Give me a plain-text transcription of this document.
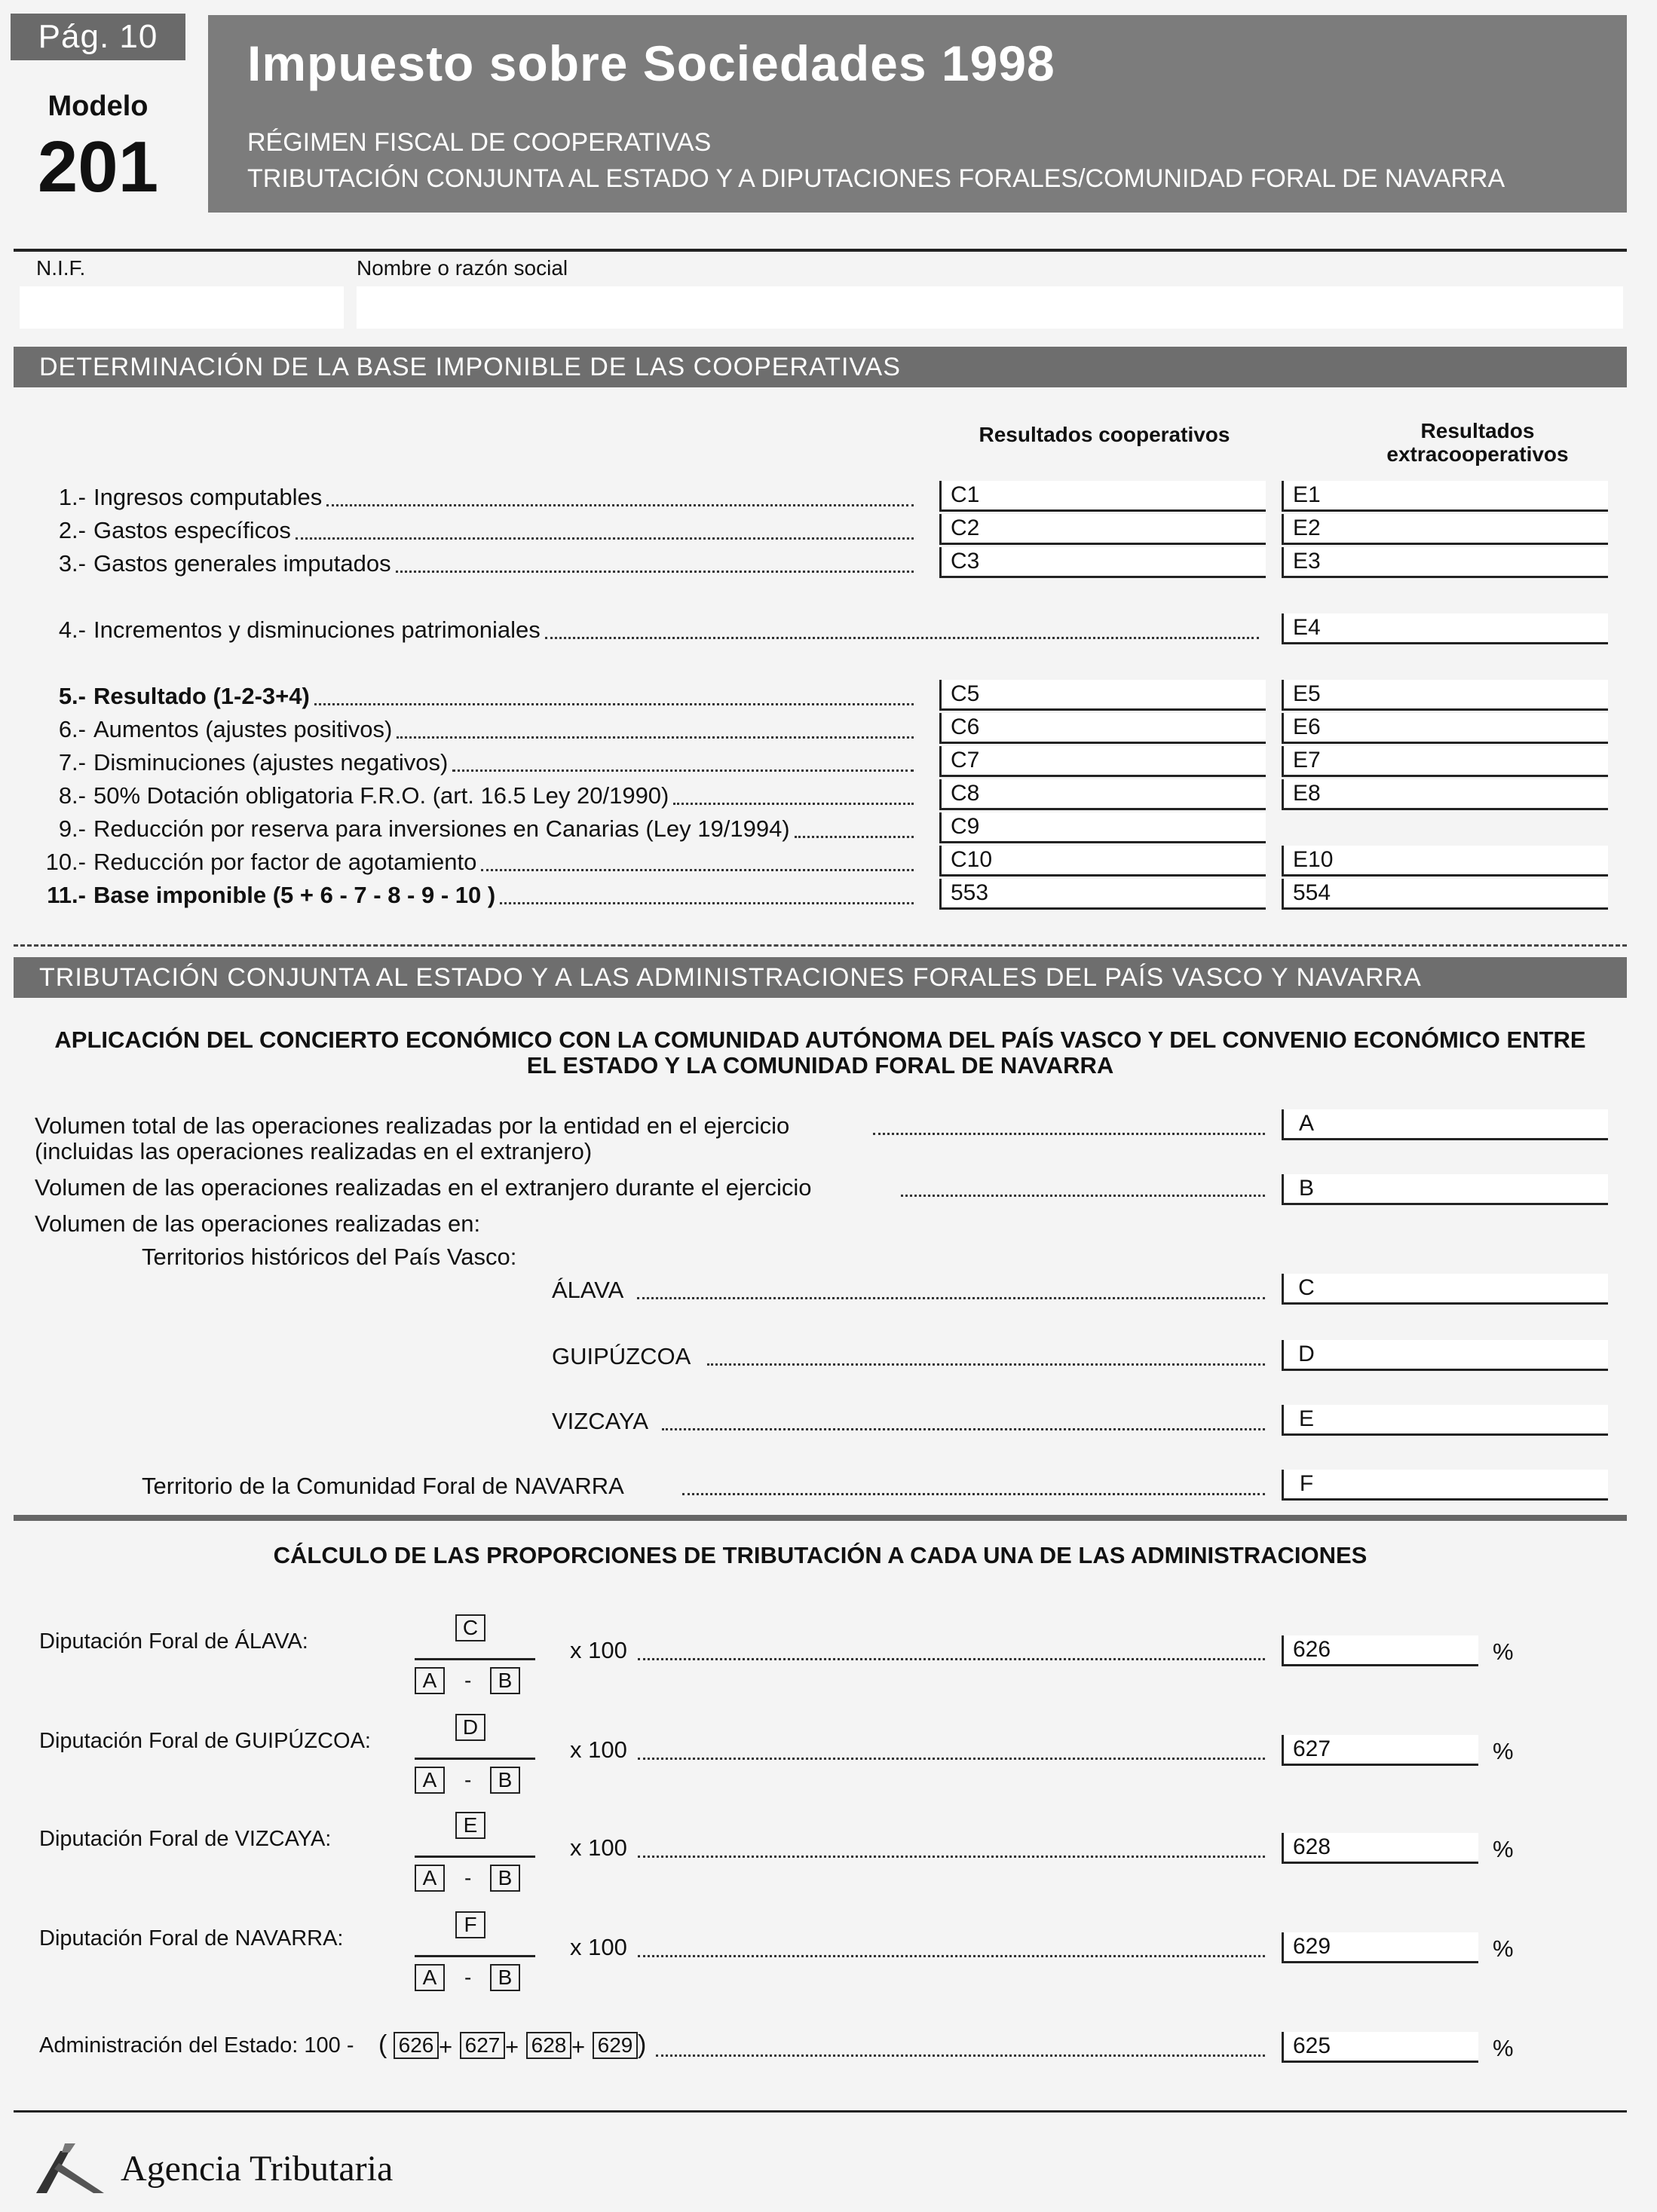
Pág. 10
Modelo
201
Impuesto sobre Sociedades 1998
RÉGIMEN FISCAL DE COOPERATIVAS
TRIBUTACIÓN CONJUNTA AL ESTADO Y A DIPUTACIONES FORALES/COMUNIDAD FORAL DE NAVARRA
N.I.F.	Nombre o razón social
DETERMINACIÓN DE LA BASE IMPONIBLE DE LAS COOPERATIVAS
Resultados cooperativos	Resultados
extracooperativos
1.- Ingresos computables	C1	E1
2.- Gastos específicos	C2	E2
3.- Gastos generales imputados	C3	E3
4.- Incrementos y disminuciones patrimoniales	E4
5.- Resultado (1-2-3+4)	C5	E5
6.- Aumentos (ajustes positivos)	C6	E6
7.- Disminuciones (ajustes negativos)	C7	E7
8.- 50% Dotación obligatoria F.R.O. (art. 16.5 Ley 20/1990)	C8	E8
9.- Reducción por reserva para inversiones en Canarias (Ley 19/1994)	C9
10.- Reducción por factor de agotamiento	C10	E10
11.- Base imponible (5 + 6 - 7 - 8 - 9 - 10 )	553	554
TRIBUTACIÓN CONJUNTA AL ESTADO Y A LAS ADMINISTRACIONES FORALES DEL PAÍS VASCO Y NAVARRA
APLICACIÓN DEL CONCIERTO ECONÓMICO CON LA COMUNIDAD AUTÓNOMA DEL PAÍS VASCO Y DEL CONVENIO ECONÓMICO ENTRE
EL ESTADO Y LA COMUNIDAD FORAL DE NAVARRA
Volumen total de las operaciones realizadas por la entidad en el ejercicio
(incluidas las operaciones realizadas en el extranjero)
A
Volumen de las operaciones realizadas en el extranjero durante el ejercicio	B
Volumen de las operaciones realizadas en:
Territorios históricos del País Vasco:
ÁLAVA	C
GUIPÚZCOA	D
VIZCAYA	E
Territorio de la Comunidad Foral de NAVARRA	F
CÁLCULO DE LAS PROPORCIONES DE TRIBUTACIÓN A CADA UNA DE LAS ADMINISTRACIONES
Diputación Foral de ÁLAVA:
C
A	-	B
x 100	626	%
Diputación Foral de GUIPÚZCOA:
D
A	-	B
x 100	627	%
Diputación Foral de VIZCAYA:
E
A	-	B
x 100	628	%
Diputación Foral de NAVARRA:
F
A	-	B
x 100	629	%
Administración del Estado: 100 - ( 626 + 627 + 628 + 629 )	625	%
Agencia Tributaria
